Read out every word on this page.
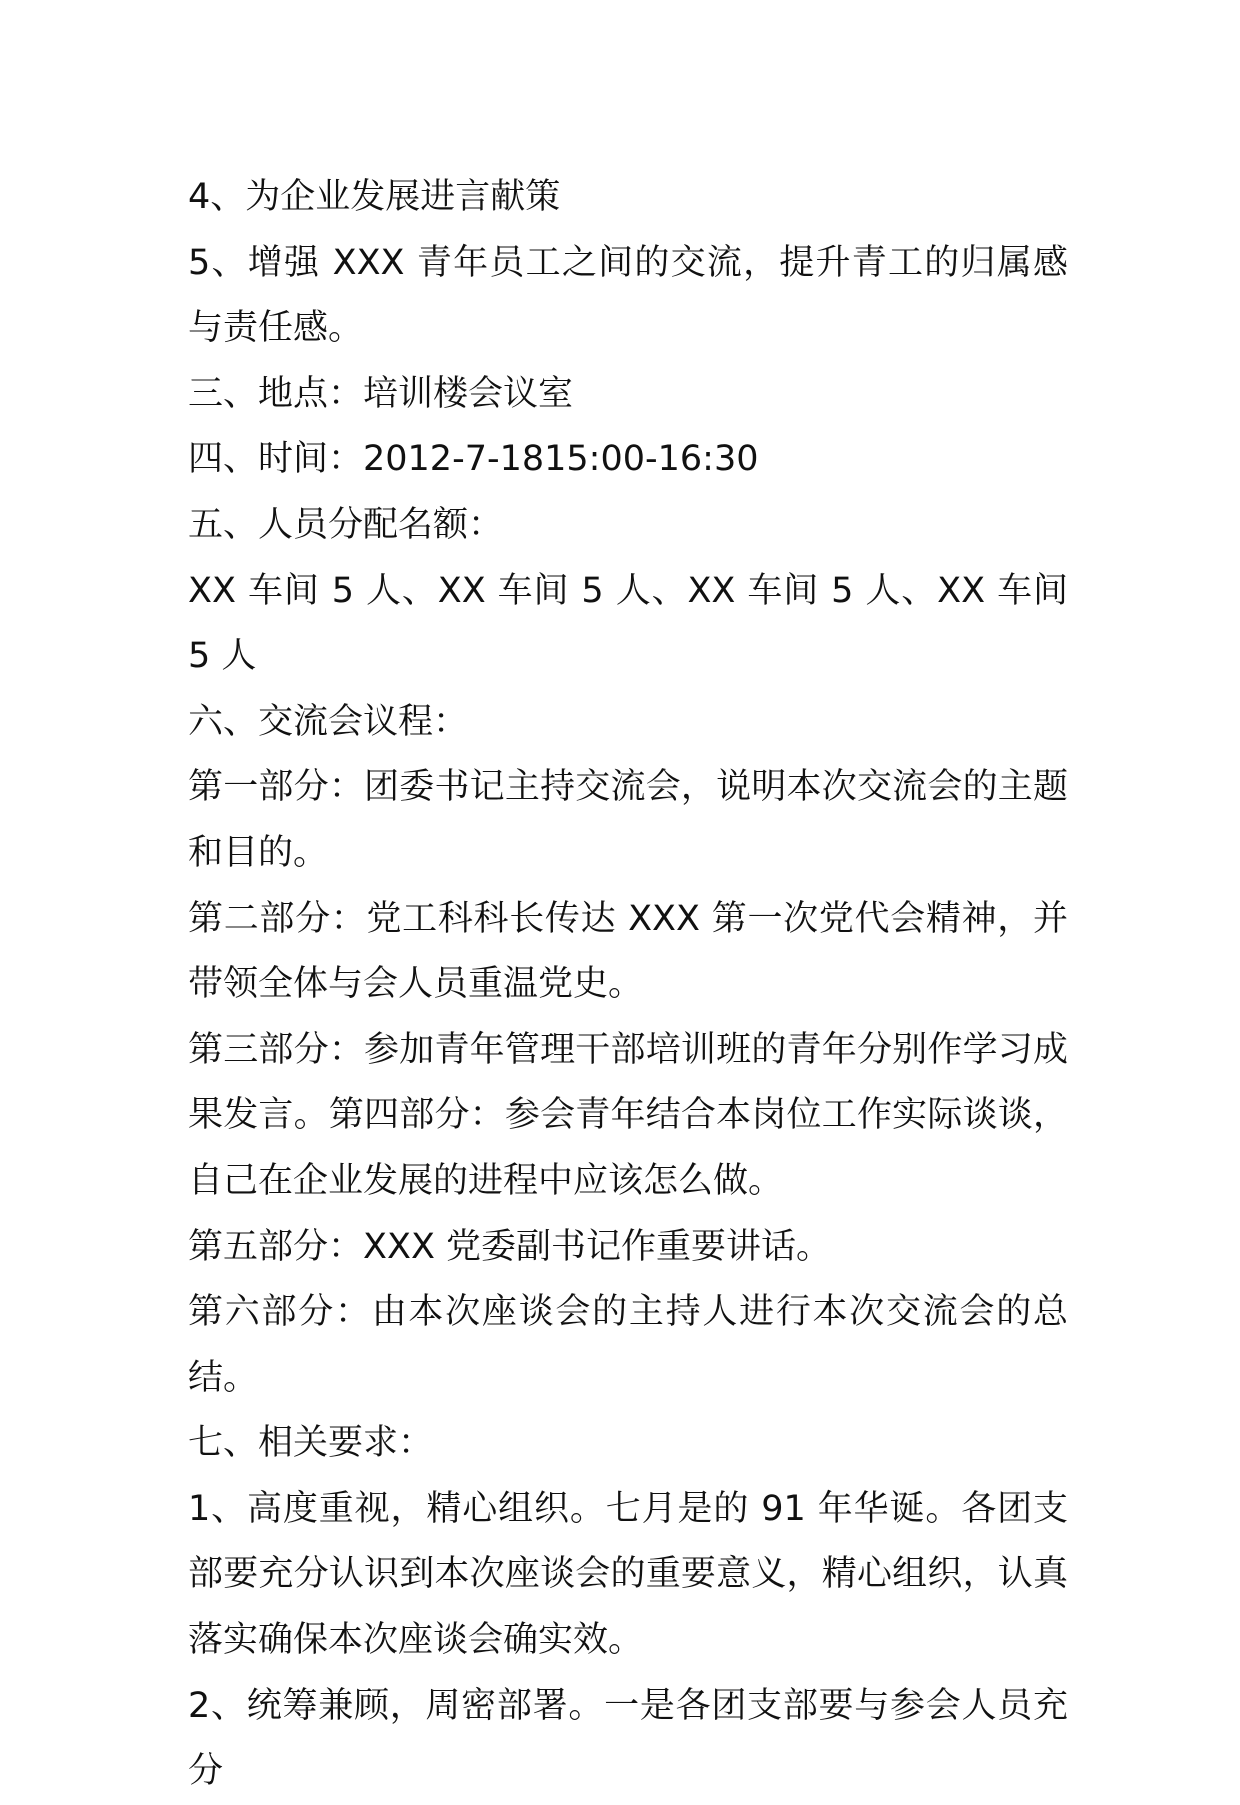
4、为企业发展进言献策

5、增强 XXX 青年员工之间的交流，提升青工的归属感与责任感。

三、地点：培训楼会议室

四、时间：2012-7-1815:00-16:30

五、人员分配名额：

XX 车间 5 人、XX 车间 5 人、XX 车间 5 人、XX 车间 5 人

六、交流会议程：

第一部分：团委书记主持交流会，说明本次交流会的主题和目的。

第二部分：党工科科长传达 XXX 第一次党代会精神，并带领全体与会人员重温党史。

第三部分：参加青年管理干部培训班的青年分别作学习成果发言。第四部分：参会青年结合本岗位工作实际谈谈，自己在企业发展的进程中应该怎么做。

第五部分：XXX 党委副书记作重要讲话。

第六部分：由本次座谈会的主持人进行本次交流会的总结。

七、相关要求：

1、高度重视，精心组织。七月是的 91 年华诞。各团支部要充分认识到本次座谈会的重要意义，精心组织，认真落实确保本次座谈会确实效。

2、统筹兼顾，周密部署。一是各团支部要与参会人员充分
